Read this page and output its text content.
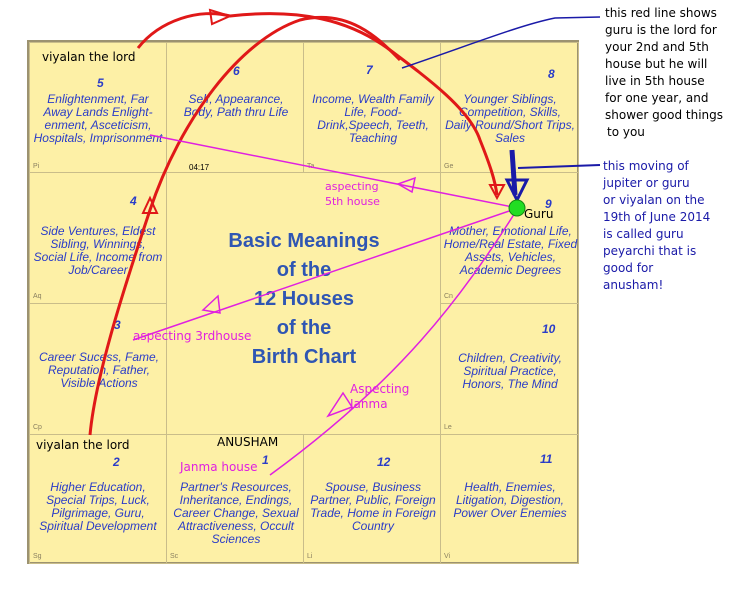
5
Enlightenment, Far Away Lands Enlight-enment, Asceticism, Hospitals, Imprisonment
Pi
6
Self, Appearance, Body, Path thru Life
04:17
7
Income, Wealth Family Life, Food-Drink,Speech, Teeth, Teaching
Ta
8
Younger Siblings, Competition, Skills, Daily Round/Short Trips, Sales
Ge
4
Side Ventures, Eldest Sibling, Winnings, Social Life, Income from Job/Career
Aq
9
Mother, Emotional Life, Home/Real Estate, Fixed Assets, Vehicles, Academic Degrees
Cn
3
Career Sucess, Fame, Reputation, Father, Visible Actions
Cp
10
Children, Creativity, Spiritual Practice, Honors, The Mind
Le
2
Higher Education, Special Trips, Luck, Pilgrimage, Guru, Spiritual Development
Sg
1
Partner's Resources, Inheritance, Endings, Career Change, Sexual Attractiveness, Occult Sciences
Sc
12
Spouse, Business Partner, Public, Foreign Trade, Home in Foreign Country
Li
11
Health, Enemies, Litigation, Digestion, Power Over Enemies
Vi
Basic Meanings
of the
12 Houses
of the
Birth Chart
viyalan the lord
viyalan the lord	ANUSHAM
Janma house
Guru
aspecting
5th house
aspecting 3rdhouse
Aspecting
Janma
this red line shows
guru is the lord for
your 2nd and 5th
house but he will
live in 5th house
for one year, and
shower good things
to you
this moving of
jupiter or guru
or viyalan on the
19th of June 2014
is called guru
peyarchi that is
good for
anusham!
